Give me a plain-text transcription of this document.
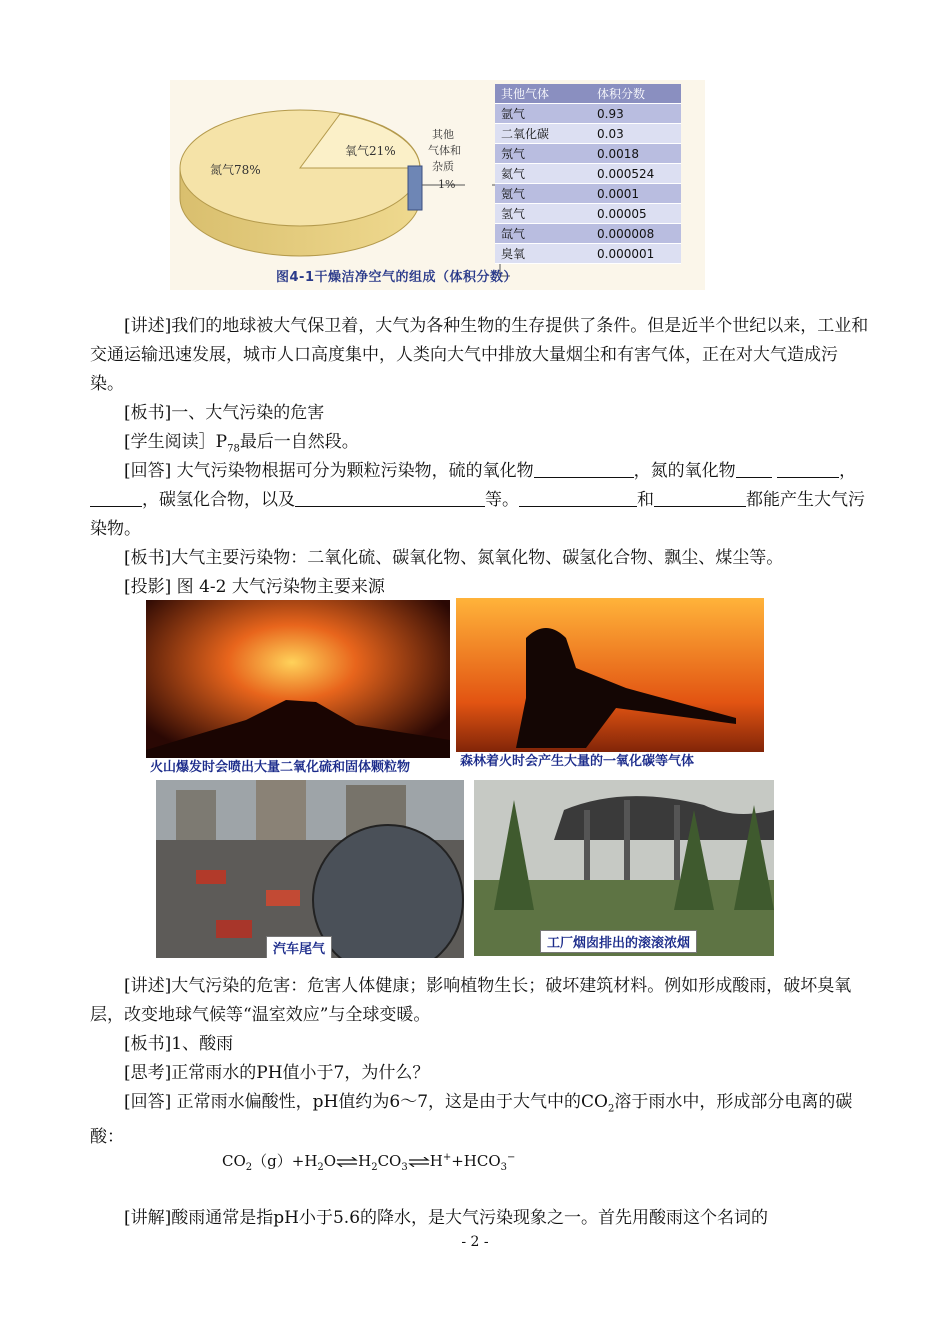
氮气78%
氧气21%
其他
气体和
杂质
1%
其他气体	体积分数
氩气	0.93
二氧化碳	0.03
氖气	0.0018
氦气	0.000524
氪气	0.0001
氢气	0.00005
氙气	0.000008
臭氧	0.000001
图4-1干燥洁净空气的组成（体积分数）

[讲述]我们的地球被大气保卫着，大气为各种生物的生存提供了条件。但是近半个世纪以来，工业和交通运输迅速发展，城市人口高度集中，人类向大气中排放大量烟尘和有害气体，正在对大气造成污染。

[板书]一、大气污染的危害

[学生阅读$]P_{78}$最后一自然段。

[回答] 大气污染物根据可分为颗粒污染物，硫的氧化物	，氮的氧化物	，，碳氢化合物，以及	等。	和	都能产生大气污染物。

[板书]大气主要污染物：二氧化硫、碳氧化物、氮氧化物、碳氢化合物、飘尘、煤尘等。

[投影] 图 4-2 大气污染物主要来源

火山爆发时会喷出大量二氧化硫和固体颗粒物	森林着火时会产生大量的一氧化碳等气体
汽车尾气	工厂烟囱排出的滚滚浓烟

[讲述]大气污染的危害：危害人体健康；影响植物生长；破坏建筑材料。例如形成酸雨，破坏臭氧层，改变地球气候等“温室效应”与全球变暖。

[板书]1、酸雨

[思考]正常雨水的PH值小于7，为什么？

[回答] 正常雨水偏酸性，pH值约为6～7，这是由于大气中的$CO_2$溶于雨水中，形成部分电离的碳酸：

$CO_2(g)+H_2O\rightleftharpoons H_2CO_3\rightleftharpoons H^++HCO_3^-$

[讲解]酸雨通常是指pH小于5.6的降水，是大气污染现象之一。首先用酸雨这个名词的

- 2 -
